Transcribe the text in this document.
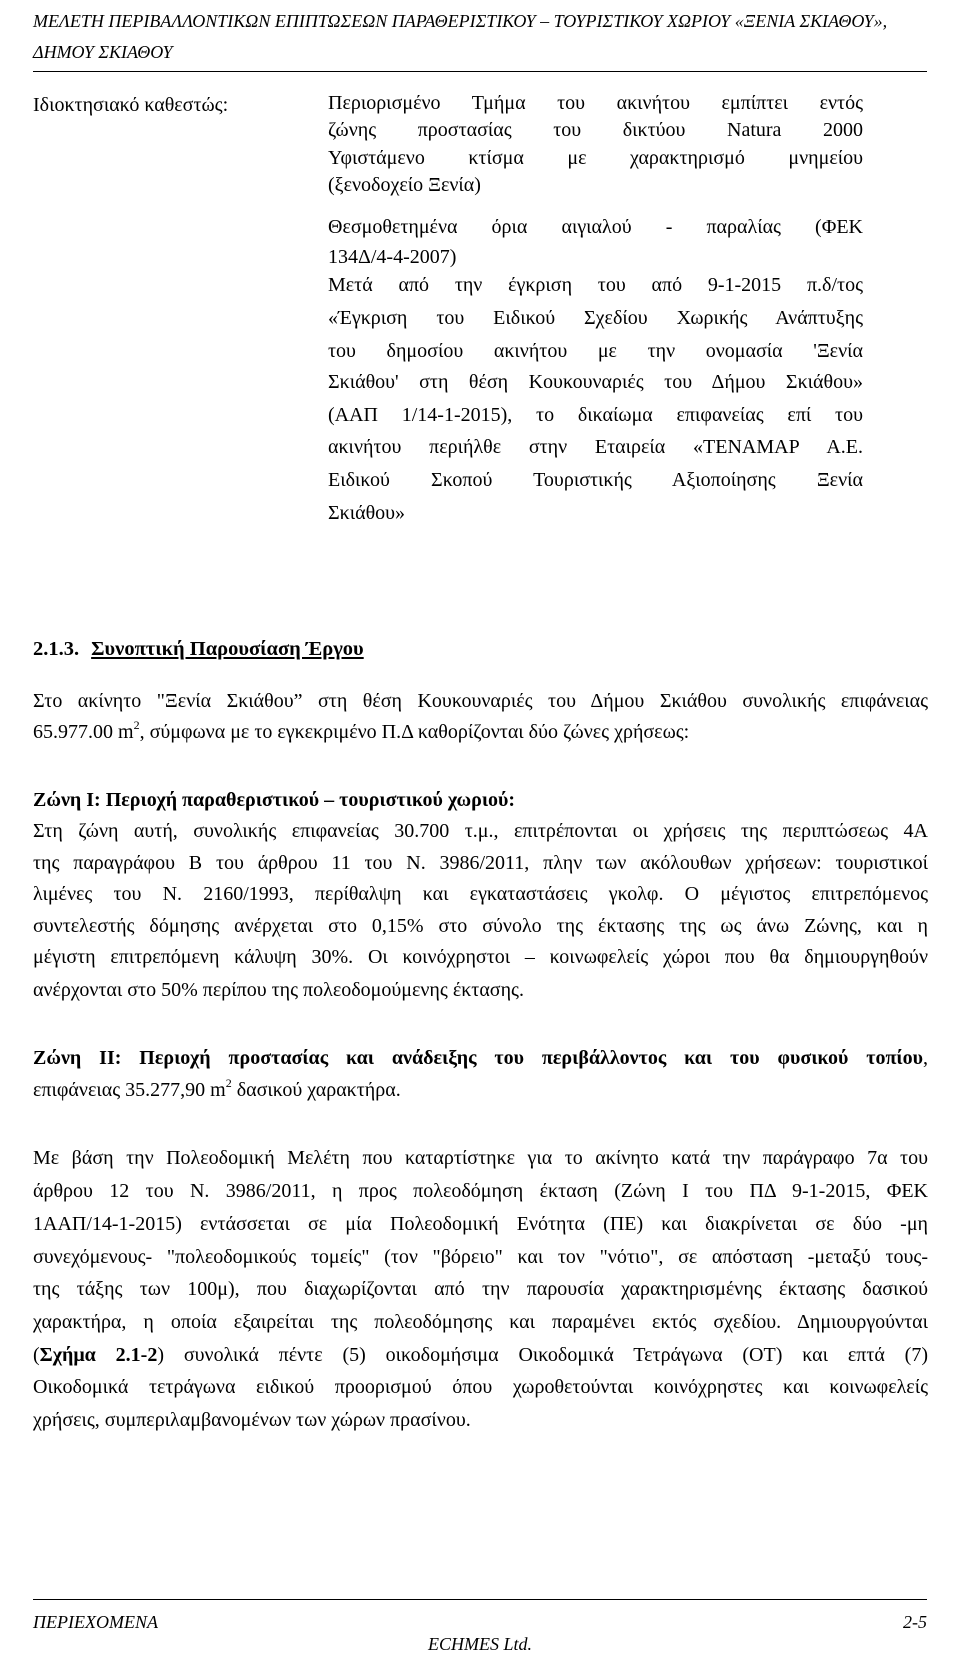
ΜΕΛΕΤΗ ΠΕΡΙΒΑΛΛΟΝΤΙΚΩΝ ΕΠΙΠΤΩΣΕΩΝ ΠΑΡΑΘΕΡΙΣΤΙΚΟΥ – ΤΟΥΡΙΣΤΙΚΟΥ ΧΩΡΙΟΥ «ΞΕΝΙΑ ΣΚΙΑΘΟΥ»,
ΔΗΜΟΥ ΣΚΙΑΘΟΥ
Ιδιοκτησιακό καθεστώς:	Περιορισμένο Τμήμα του ακινήτου εμπίπτει εντός
ζώνης προστασίας του δικτύου Natura 2000
Υφιστάμενο κτίσμα με χαρακτηρισμό μνημείου
(ξενοδοχείο Ξενία)
Θεσμοθετημένα όρια αιγιαλού - παραλίας (ΦΕΚ
134Δ/4-4-2007)
Μετά από την έγκριση του από 9-1-2015 π.δ/τος
«Έγκριση του Ειδικού Σχεδίου Χωρικής Ανάπτυξης
του δημοσίου ακινήτου με την ονομασία 'Ξενία
Σκιάθου' στη θέση Κουκουναριές του Δήμου Σκιάθου»
(ΑΑΠ 1/14-1-2015), το δικαίωμα επιφανείας επί του
ακινήτου περιήλθε στην Εταιρεία «ΤΕΝΑΜΑΡ Α.Ε.
Ειδικού Σκοπού Τουριστικής Αξιοποίησης Ξενία
Σκιάθου»
2.1.3. Συνοπτική Παρουσίαση Έργου
Στο ακίνητο "Ξενία Σκιάθου” στη θέση Κουκουναριές του Δήμου Σκιάθου συνολικής επιφάνειας
65.977.00 $m^2$, σύμφωνα με το εγκεκριμένο Π.Δ καθορίζονται δύο ζώνες χρήσεως:
Ζώνη Ι: Περιοχή παραθεριστικού – τουριστικού χωριού:
Στη ζώνη αυτή, συνολικής επιφανείας 30.700 τ.μ., επιτρέπονται οι χρήσεις της περιπτώσεως 4Α
της παραγράφου Β του άρθρου 11 του Ν. 3986/2011, πλην των ακόλουθων χρήσεων: τουριστικοί
λιμένες του Ν. 2160/1993, περίθαλψη και εγκαταστάσεις γκολφ. Ο μέγιστος επιτρεπόμενος
συντελεστής δόμησης ανέρχεται στο 0,15% στο σύνολο της έκτασης της ως άνω Ζώνης, και η
μέγιστη επιτρεπόμενη κάλυψη 30%. Οι κοινόχρηστοι – κοινωφελείς χώροι που θα δημιουργηθούν
ανέρχονται στο 50% περίπου της πολεοδομούμενης έκτασης.
Ζώνη ΙΙ: Περιοχή προστασίας και ανάδειξης του περιβάλλοντος και του φυσικού τοπίου,
επιφάνειας 35.277,90 $m^2$ δασικού χαρακτήρα.
Με βάση την Πολεοδομική Μελέτη που καταρτίστηκε για το ακίνητο κατά την παράγραφο 7α του
άρθρου 12 του Ν. 3986/2011, η προς πολεοδόμηση έκταση (Ζώνη Ι του ΠΔ 9-1-2015, ΦΕΚ
1ΑΑΠ/14-1-2015) εντάσσεται σε μία Πολεοδομική Ενότητα (ΠΕ) και διακρίνεται σε δύο -μη
συνεχόμενους- "πολεοδομικούς τομείς" (τον "βόρειο" και τον "νότιο", σε απόσταση -μεταξύ τους-
της τάξης των 100μ), που διαχωρίζονται από την παρουσία χαρακτηρισμένης έκτασης δασικού
χαρακτήρα, η οποία εξαιρείται της πολεοδόμησης και παραμένει εκτός σχεδίου. Δημιουργούνται
(Σχήμα 2.1-2) συνολικά πέντε (5) οικοδομήσιμα Οικοδομικά Τετράγωνα (ΟΤ) και επτά (7)
Οικοδομικά τετράγωνα ειδικού προορισμού όπου χωροθετούνται κοινόχρηστες και κοινωφελείς
χρήσεις, συμπεριλαμβανομένων των χώρων πρασίνου.
ΠΕΡΙΕΧΟΜΕΝΑ	2-5
ECHMES Ltd.
